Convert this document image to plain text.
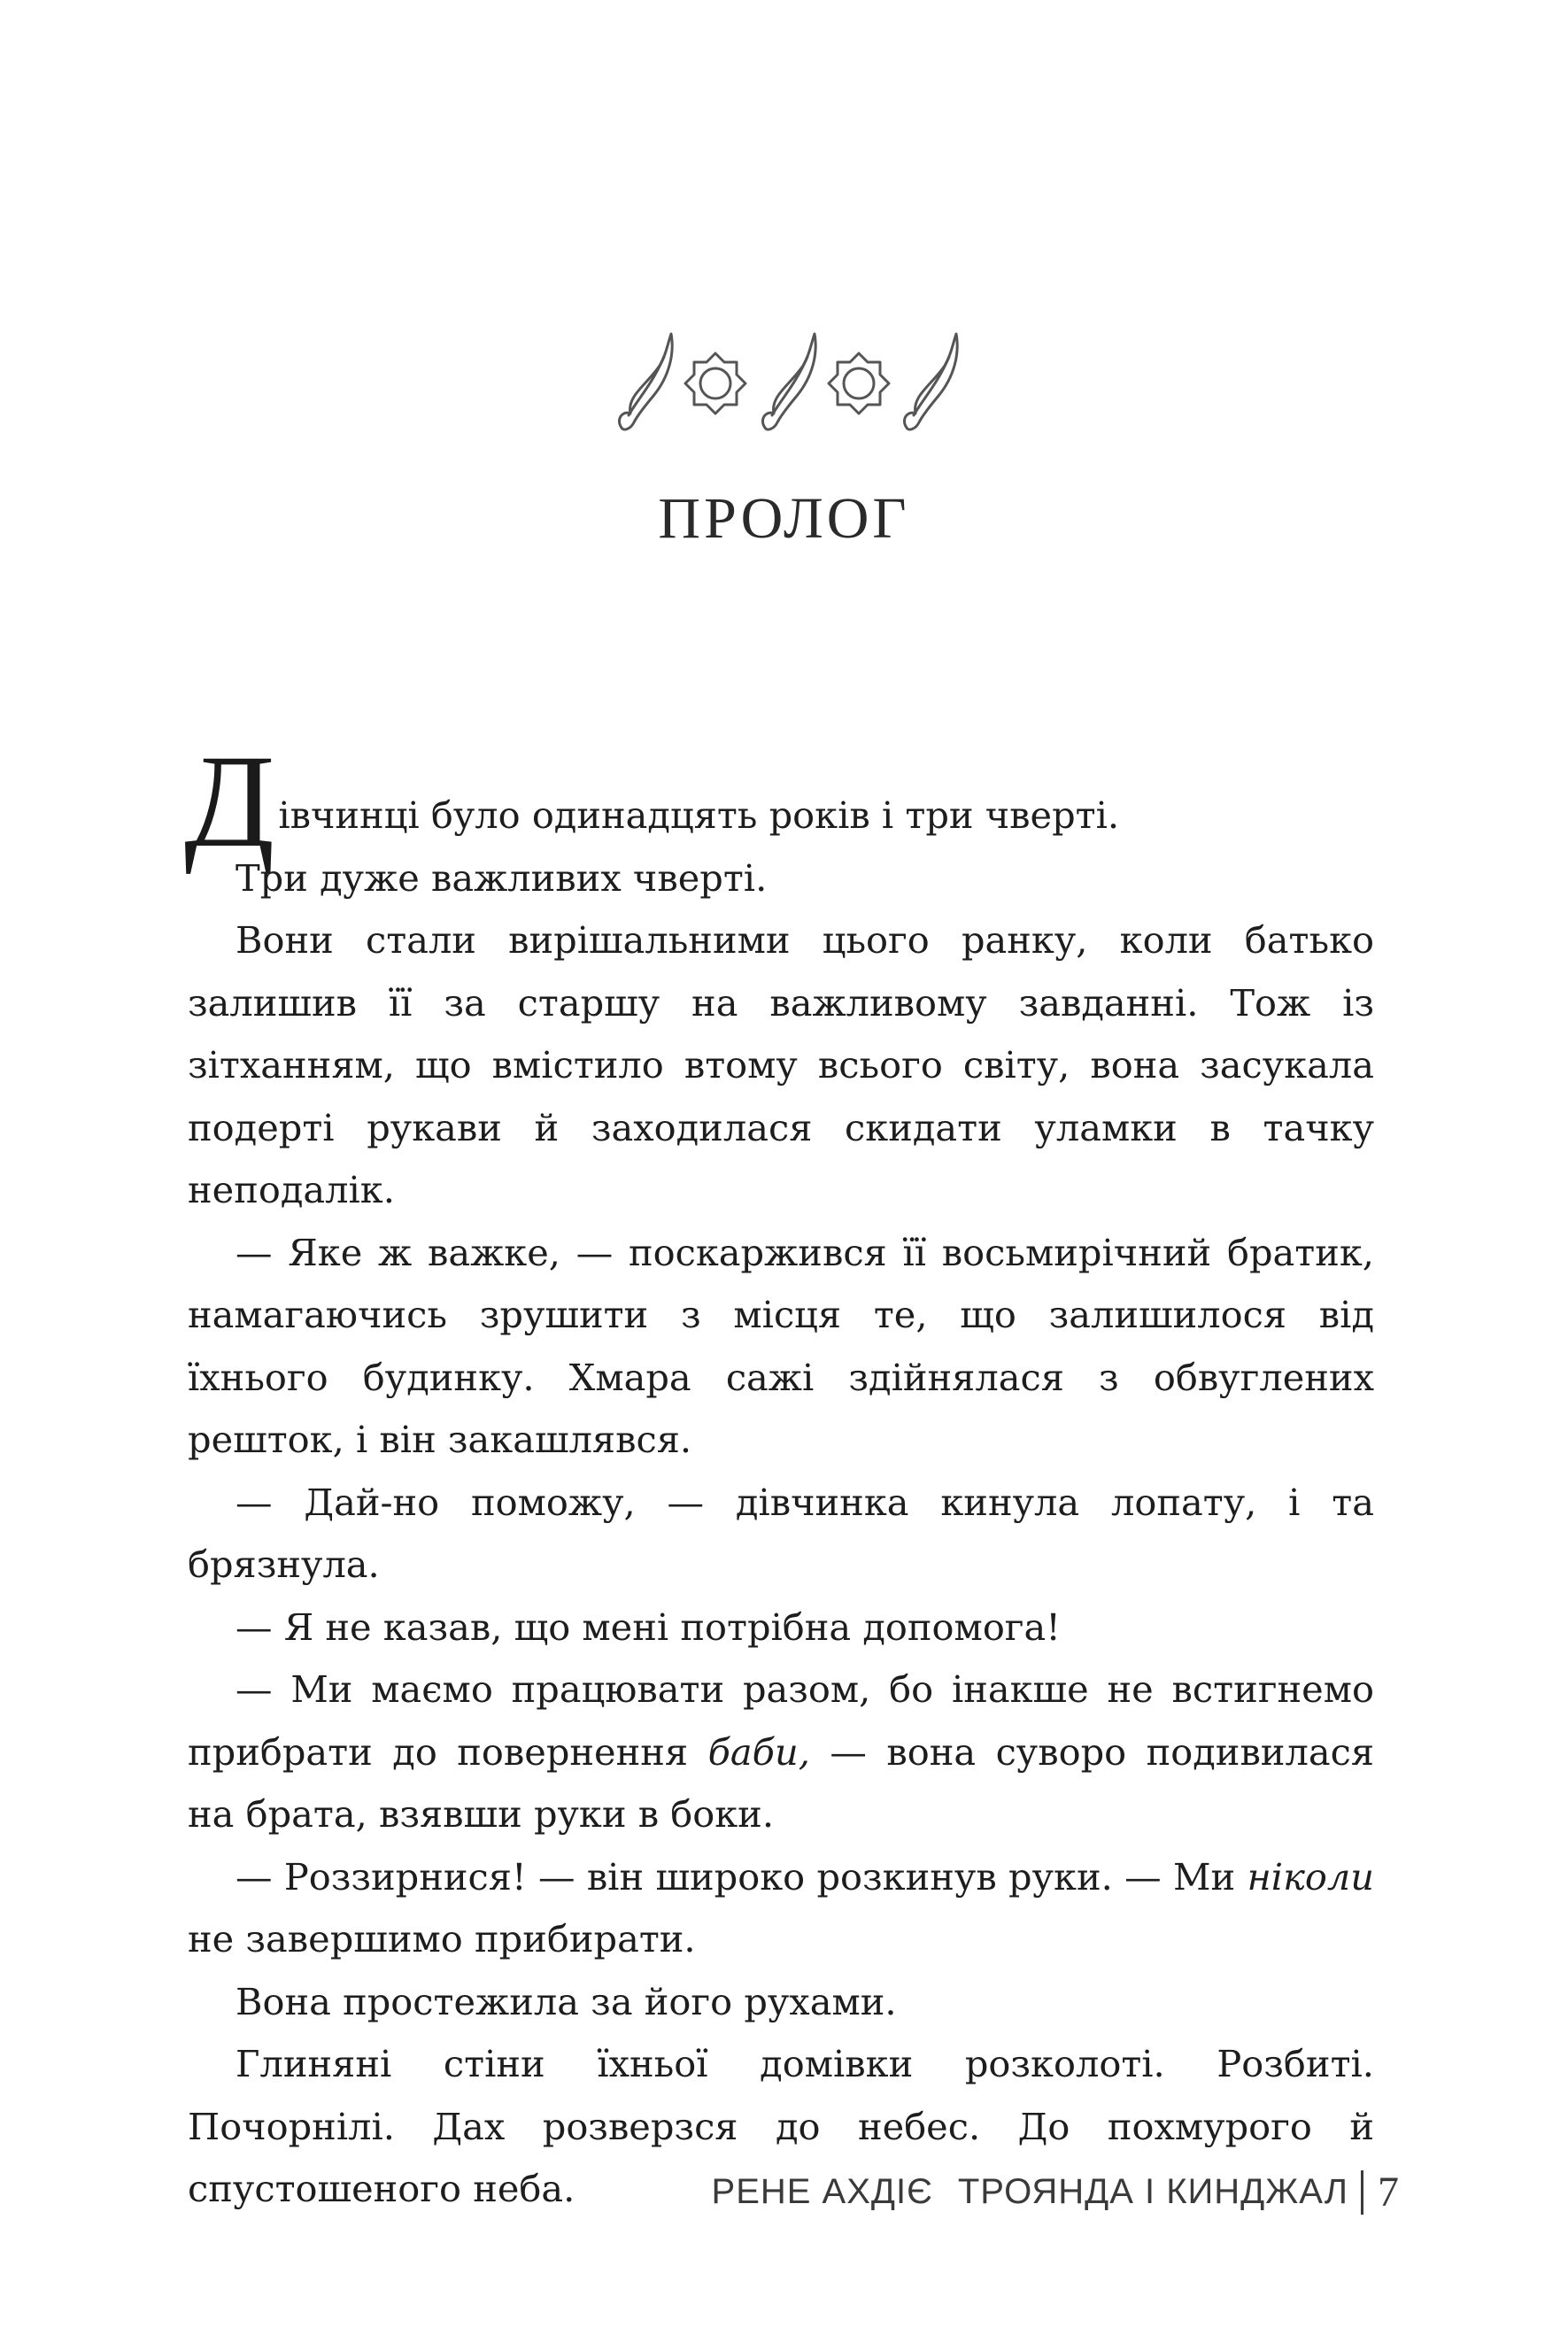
ПРОЛОГ

Д івчинці було одинадцять років і три чверті.

Три дуже важливих чверті.

Вони стали вирішальними цього ранку, коли батько залишив її за старшу на важливому завданні. Тож із зітханням, що вмістило втому всього світу, вона засукала подерті рукави й заходилася скидати уламки в тачку неподалік.

— Яке ж важке, — поскаржився її восьмирічний братик, намагаючись зрушити з місця те, що залишилося від їхнього будинку. Хмара сажі здійнялася з обвуглених решток, і він закашлявся.

— Дай-но поможу, — дівчинка кинула лопату, і та брязнула.

— Я не казав, що мені потрібна допомога!

— Ми маємо працювати разом, бо інакше не встигнемо прибрати до повернення баби, — вона суворо подивилася на брата, взявши руки в боки.

— Роззирнися! — він широко розкинув руки. — Ми ніколи не завершимо прибирати.

Вона простежила за його рухами.

Глиняні стіни їхньої домівки розколоті. Розбиті. Почорнілі. Дах розверзся до небес. До похмурого й спустошеного неба.	РЕНЕ АХДІЄ ТРОЯНДА І КИНДЖАЛ 7
